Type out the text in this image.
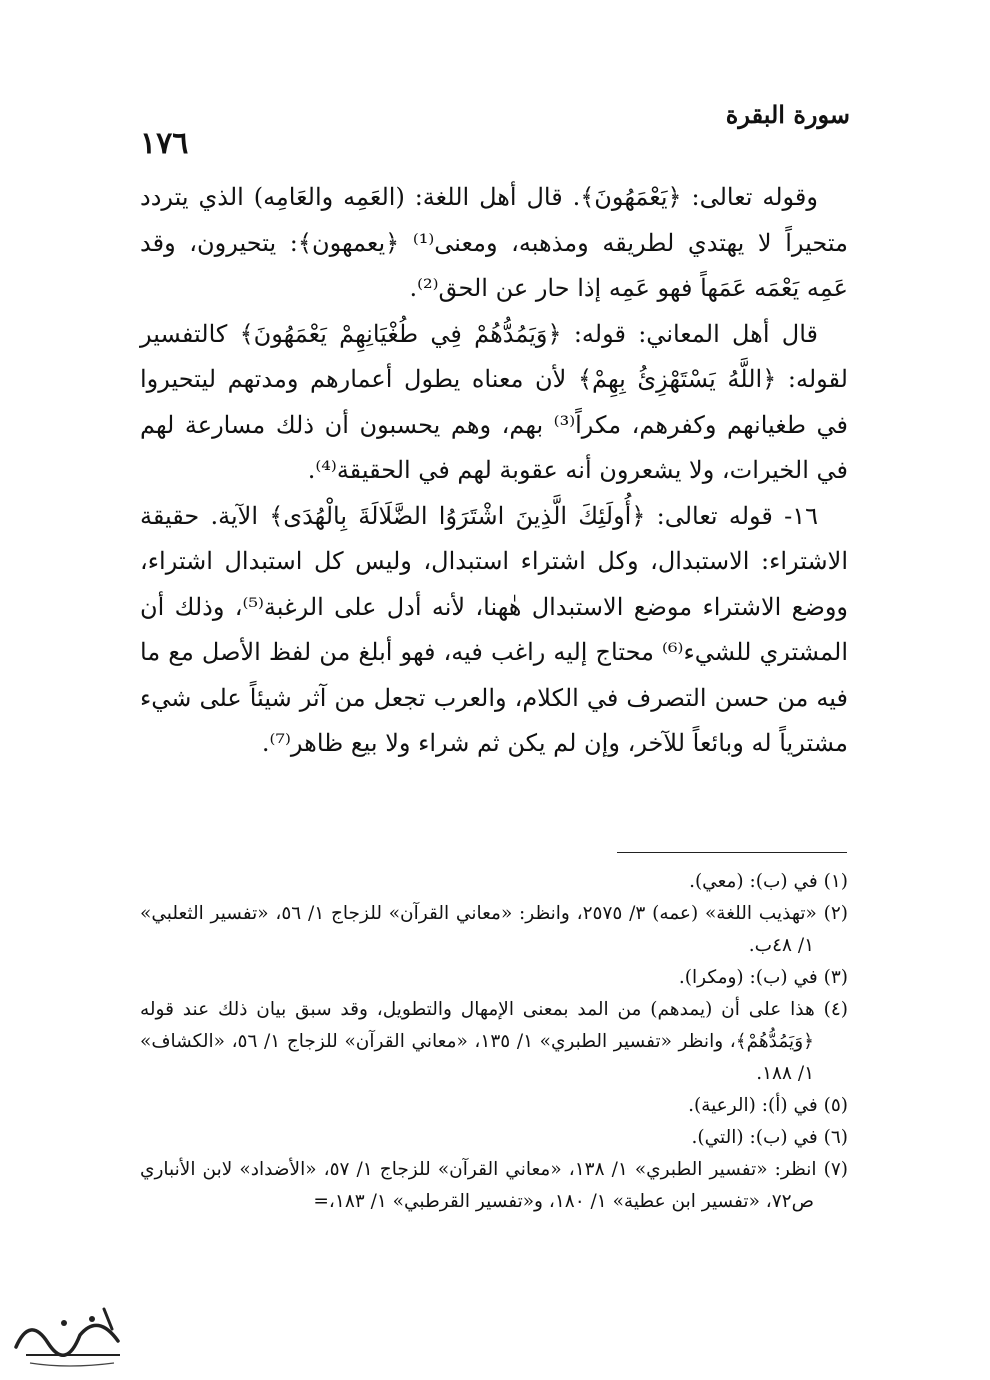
١٧٦
سورة البقرة

وقوله تعالى: ﴿يَعْمَهُونَ﴾. قال أهل اللغة: (العَمِه والعَامِه) الذي يتردد متحيراً لا يهتدي لطريقه ومذهبه، ومعنى⁽¹⁾ ﴿يعمهون﴾: يتحيرون، وقد عَمِه يَعْمَه عَمَهاً فهو عَمِه إذا حار عن الحق⁽²⁾.

قال أهل المعاني: قوله: ﴿وَيَمُدُّهُمْ فِي طُغْيَانِهِمْ يَعْمَهُونَ﴾ كالتفسير لقوله: ﴿اللَّهُ يَسْتَهْزِئُ بِهِمْ﴾ لأن معناه يطول أعمارهم ومدتهم ليتحيروا في طغيانهم وكفرهم، مكراً⁽³⁾ بهم، وهم يحسبون أن ذلك مسارعة لهم في الخيرات، ولا يشعرون أنه عقوبة لهم في الحقيقة⁽⁴⁾.

١٦- قوله تعالى: ﴿أُولَئِكَ الَّذِينَ اشْتَرَوُا الضَّلَالَةَ بِالْهُدَى﴾ الآية. حقيقة الاشتراء: الاستبدال، وكل اشتراء استبدال، وليس كل استبدال اشتراء، ووضع الاشتراء موضع الاستبدال هٰهنا، لأنه أدل على الرغبة⁽⁵⁾، وذلك أن المشتري للشيء⁽⁶⁾ محتاج إليه راغب فيه، فهو أبلغ من لفظ الأصل مع ما فيه من حسن التصرف في الكلام، والعرب تجعل من آثر شيئاً على شيء مشترياً له وبائعاً للآخر، وإن لم يكن ثم شراء ولا بيع ظاهر⁽⁷⁾.

(١) في (ب): (معي).

(٢) «تهذيب اللغة» (عمه) ٣/ ٢٥٧٥، وانظر: «معاني القرآن» للزجاج ١/ ٥٦، «تفسير الثعلبي» ١/ ٤٨ب.

(٣) في (ب): (ومكرا).

(٤) هذا على أن (يمدهم) من المد بمعنى الإمهال والتطويل، وقد سبق بيان ذلك عند قوله ﴿وَيَمُدُّهُمْ﴾، وانظر «تفسير الطبري» ١/ ١٣٥، «معاني القرآن» للزجاج ١/ ٥٦، «الكشاف» ١/ ١٨٨.

(٥) في (أ): (الرعية).

(٦) في (ب): (التي).

(٧) انظر: «تفسير الطبري» ١/ ١٣٨، «معاني القرآن» للزجاج ١/ ٥٧، «الأضداد» لابن الأنباري ص٧٢، «تفسير ابن عطية» ١/ ١٨٠، و«تفسير القرطبي» ١/ ١٨٣،=
